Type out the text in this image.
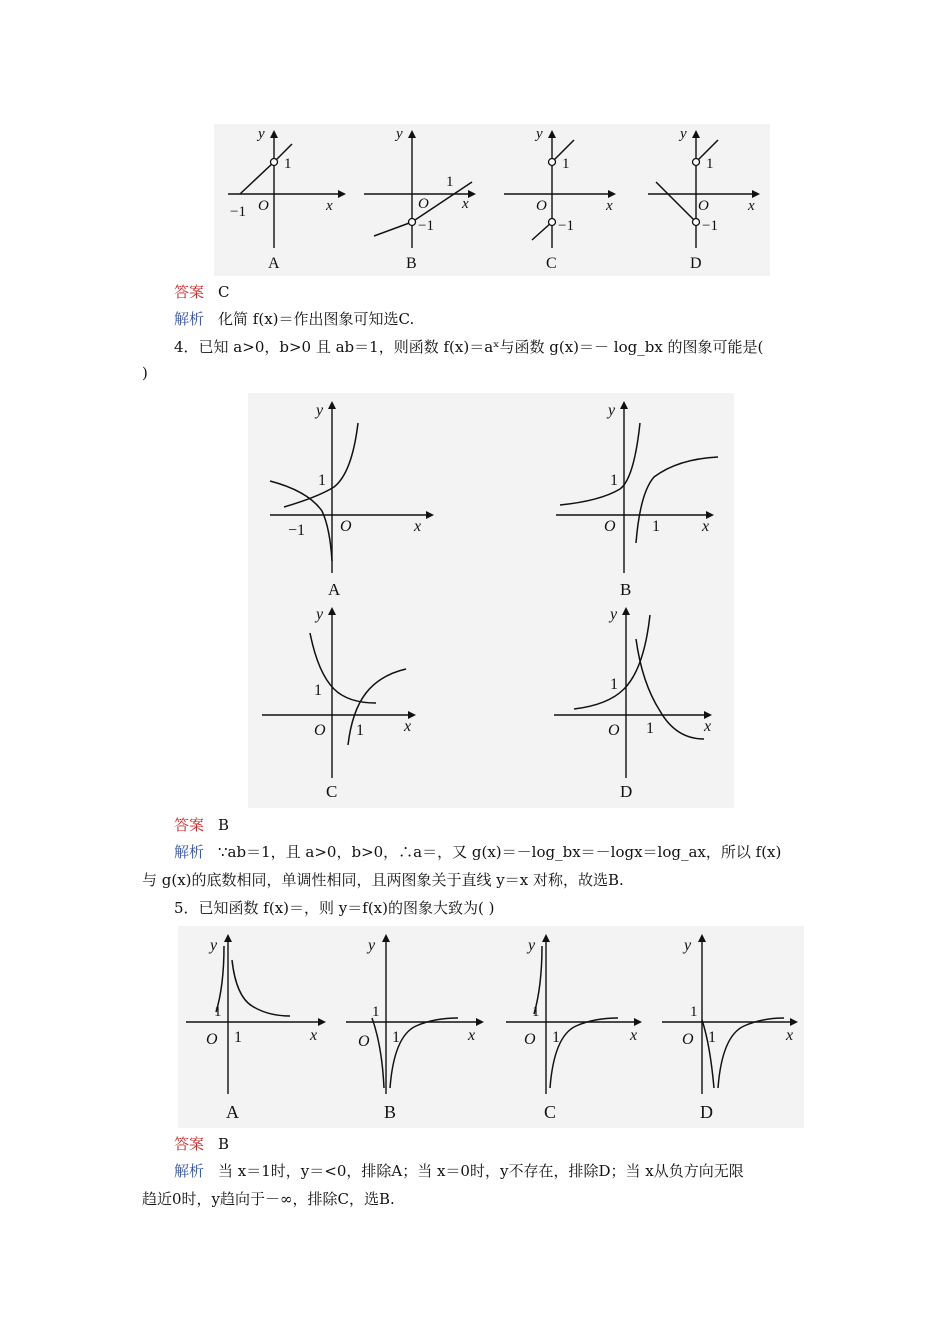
y
1
x
O
−1
A
y
1
x
O
−1
B
y
1
x
O
−1
C
y
1
x
O
−1
D
答案 C
解析 化简 f(x)＝作出图象可知选C.
4．已知 a>0，b>0 且 ab＝1，则函数 f(x)＝aˣ与函数 g(x)＝－ log_bx 的图象可能是(
)
y
1
O
−1	x
A
y
1
O 1	x
B
y
1
O 1	x
C
y
1
O 1	x
D
答案 B
解析 ∵ab＝1，且 a>0，b>0，∴a＝，又 g(x)＝－log_bx＝－logx＝log_ax，所以 f(x)
与 g(x)的底数相同，单调性相同，且两图象关于直线 y＝x 对称，故选B.
5．已知函数 f(x)＝，则 y＝f(x)的图象大致为( )
y
1
O 1	x
A
y
1
O 1	x
B
y
1
O 1	x
C
y
1
O 1	x
D
答案 B
解析 当 x＝1时，y＝<0，排除A；当 x＝0时，y不存在，排除D；当 x从负方向无限
趋近0时，y趋向于－∞，排除C，选B.
